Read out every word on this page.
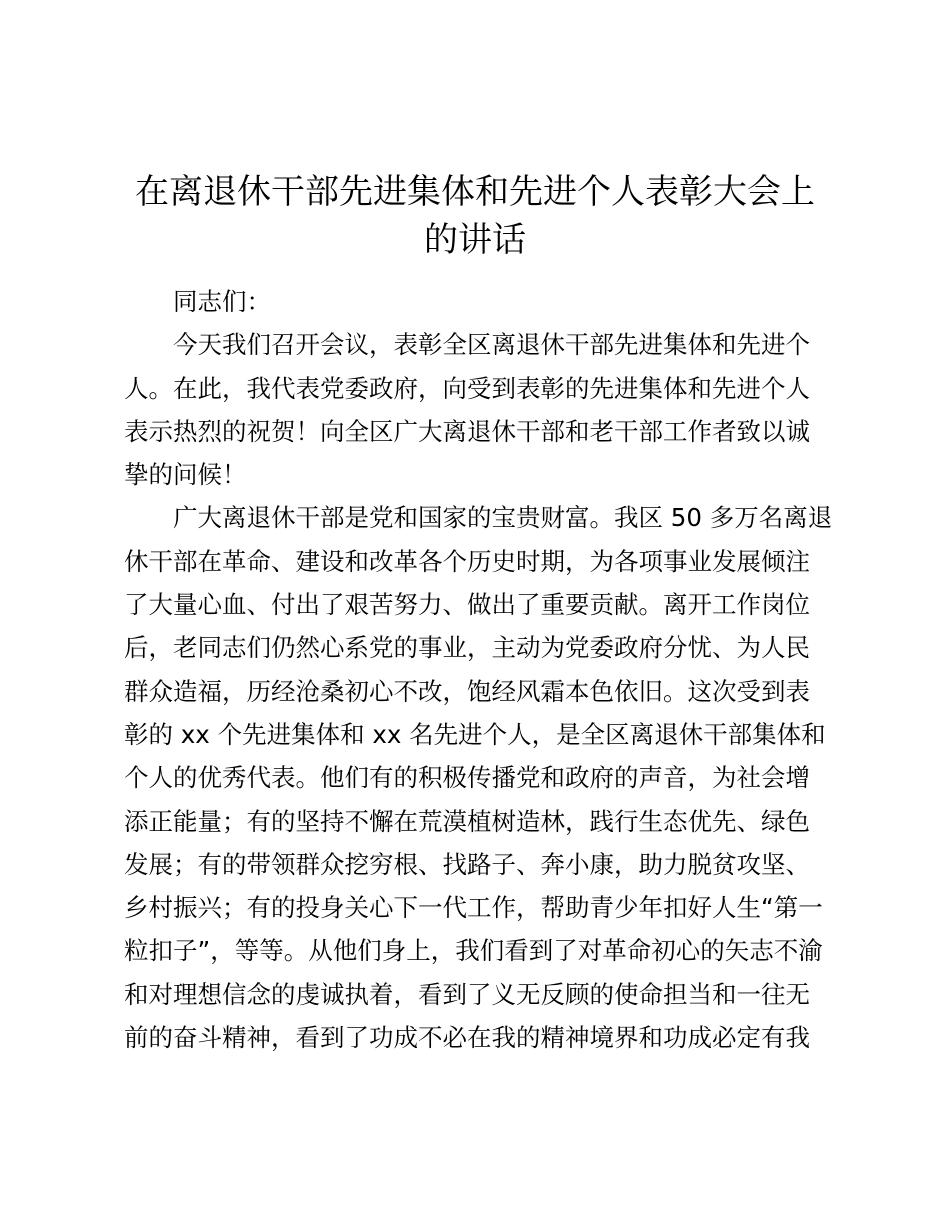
在离退休干部先进集体和先进个人表彰大会上
的讲话
同志们：
今天我们召开会议，表彰全区离退休干部先进集体和先进个
人。在此，我代表党委政府，向受到表彰的先进集体和先进个人
表示热烈的祝贺！向全区广大离退休干部和老干部工作者致以诚
挚的问候！
广大离退休干部是党和国家的宝贵财富。我区 50 多万名离退
休干部在革命、建设和改革各个历史时期，为各项事业发展倾注
了大量心血、付出了艰苦努力、做出了重要贡献。离开工作岗位
后，老同志们仍然心系党的事业，主动为党委政府分忧、为人民
群众造福，历经沧桑初心不改，饱经风霜本色依旧。这次受到表
彰的 xx 个先进集体和 xx 名先进个人，是全区离退休干部集体和
个人的优秀代表。他们有的积极传播党和政府的声音，为社会增
添正能量；有的坚持不懈在荒漠植树造林，践行生态优先、绿色
发展；有的带领群众挖穷根、找路子、奔小康，助力脱贫攻坚、
乡村振兴；有的投身关心下一代工作，帮助青少年扣好人生“第一
粒扣子”，等等。从他们身上，我们看到了对革命初心的矢志不渝
和对理想信念的虔诚执着，看到了义无反顾的使命担当和一往无
前的奋斗精神，看到了功成不必在我的精神境界和功成必定有我
